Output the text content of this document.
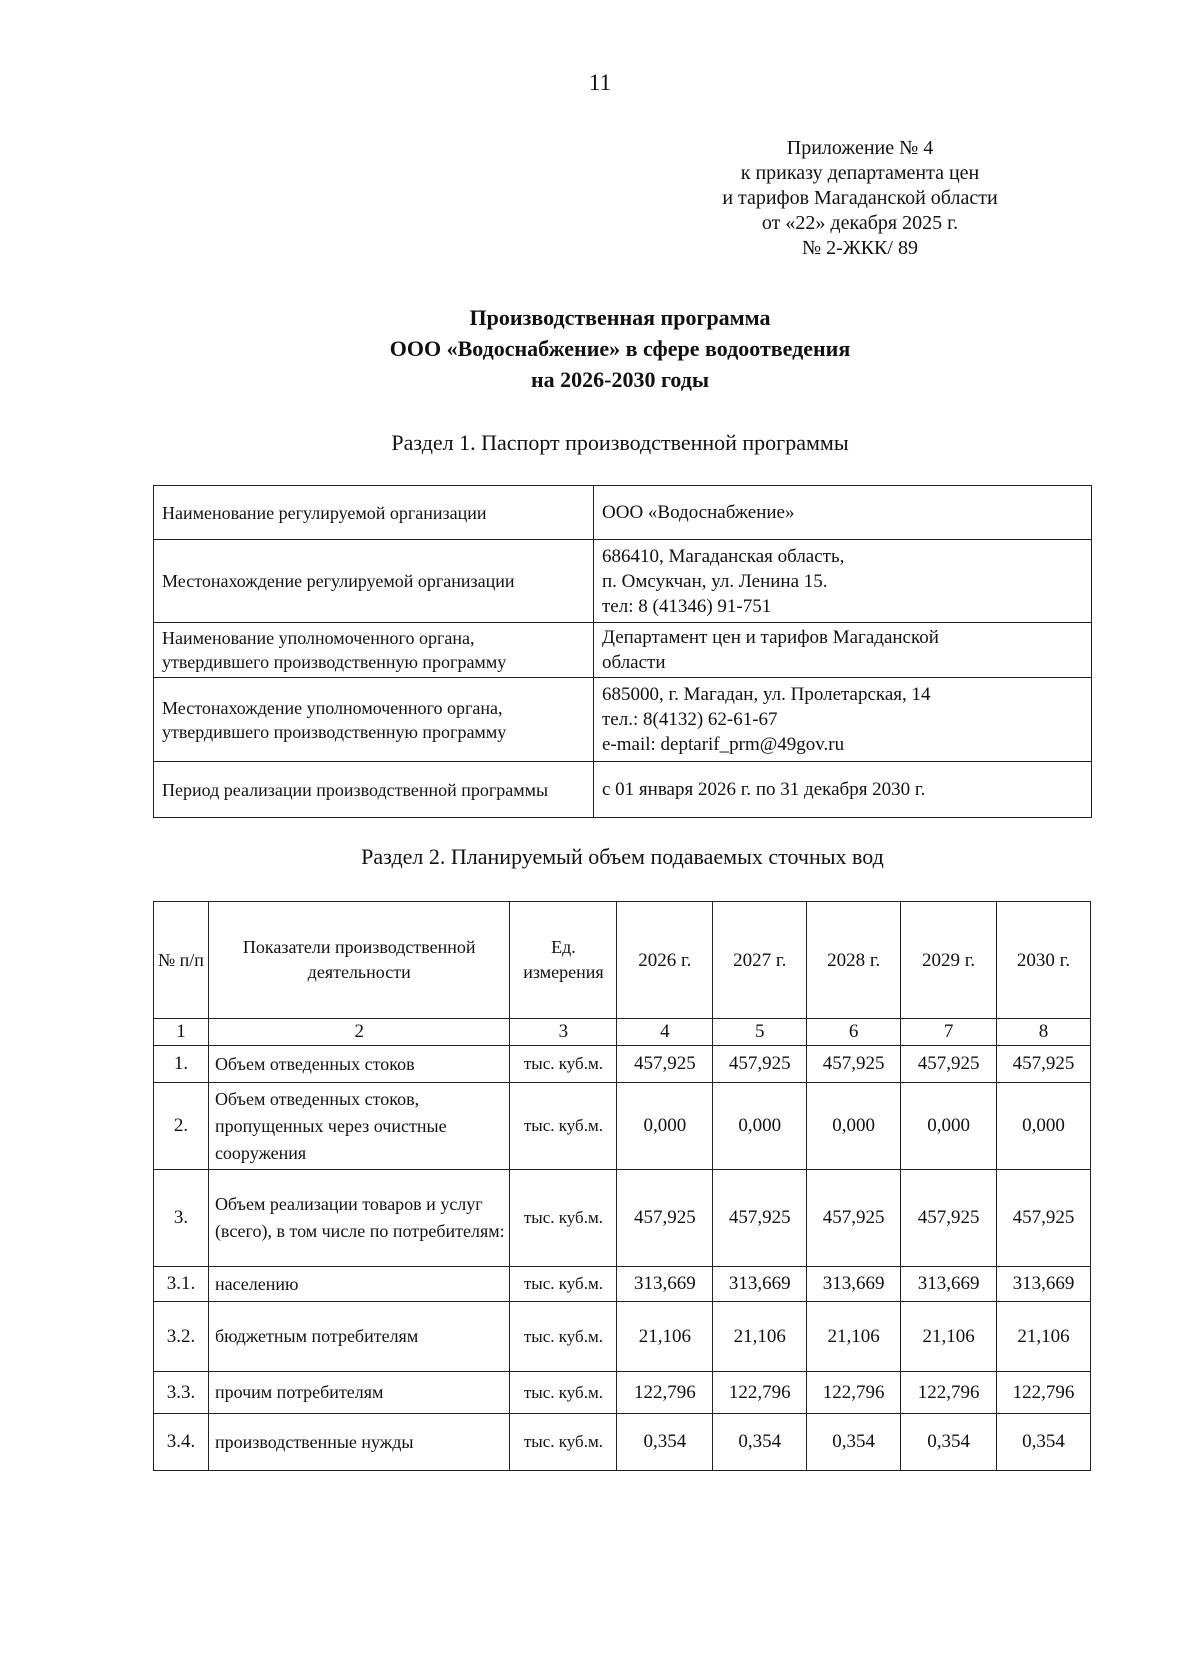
11
Приложение № 4
к приказу департамента цен
и тарифов Магаданской области
от «22» декабря 2025 г.
№ 2-ЖКК/ 89
Производственная программа
ООО «Водоснабжение» в сфере водоотведения
на 2026-2030 годы
Раздел 1. Паспорт производственной программы
Наименование регулируемой организации	ООО «Водоснабжение»

Местонахождение регулируемой организации	686410, Магаданская область,
п. Омсукчан, ул. Ленина 15.
тел: 8 (41346) 91-751

Наименование уполномоченного органа, утвердившего производственную программу	Департамент цен и тарифов Магаданской
области

Местонахождение уполномоченного органа, утвердившего производственную программу	685000, г. Магадан, ул. Пролетарская, 14
тел.: 8(4132) 62-61-67
e-mail: deptarif_prm@49gov.ru

Период реализации производственной программы	с 01 января 2026 г. по 31 декабря 2030 г.
Раздел 2. Планируемый объем подаваемых сточных вод
№ п/п	Показатели производственной деятельности	Ед. измерения	2026 г.	2027 г.	2028 г.	2029 г.	2030 г.
1	2	3	4	5	6	7	8
1.	Объем отведенных стоков	тыс. куб.м.	457,925	457,925	457,925	457,925	457,925
2.	Объем отведенных стоков, пропущенных через очистные сооружения	тыс. куб.м.	0,000	0,000	0,000	0,000	0,000
3.	Объем реализации товаров и услуг (всего), в том числе по потребителям:	тыс. куб.м.	457,925	457,925	457,925	457,925	457,925
3.1.	населению	тыс. куб.м.	313,669	313,669	313,669	313,669	313,669
3.2.	бюджетным потребителям	тыс. куб.м.	21,106	21,106	21,106	21,106	21,106
3.3.	прочим потребителям	тыс. куб.м.	122,796	122,796	122,796	122,796	122,796
3.4.	производственные нужды	тыс. куб.м.	0,354	0,354	0,354	0,354	0,354
